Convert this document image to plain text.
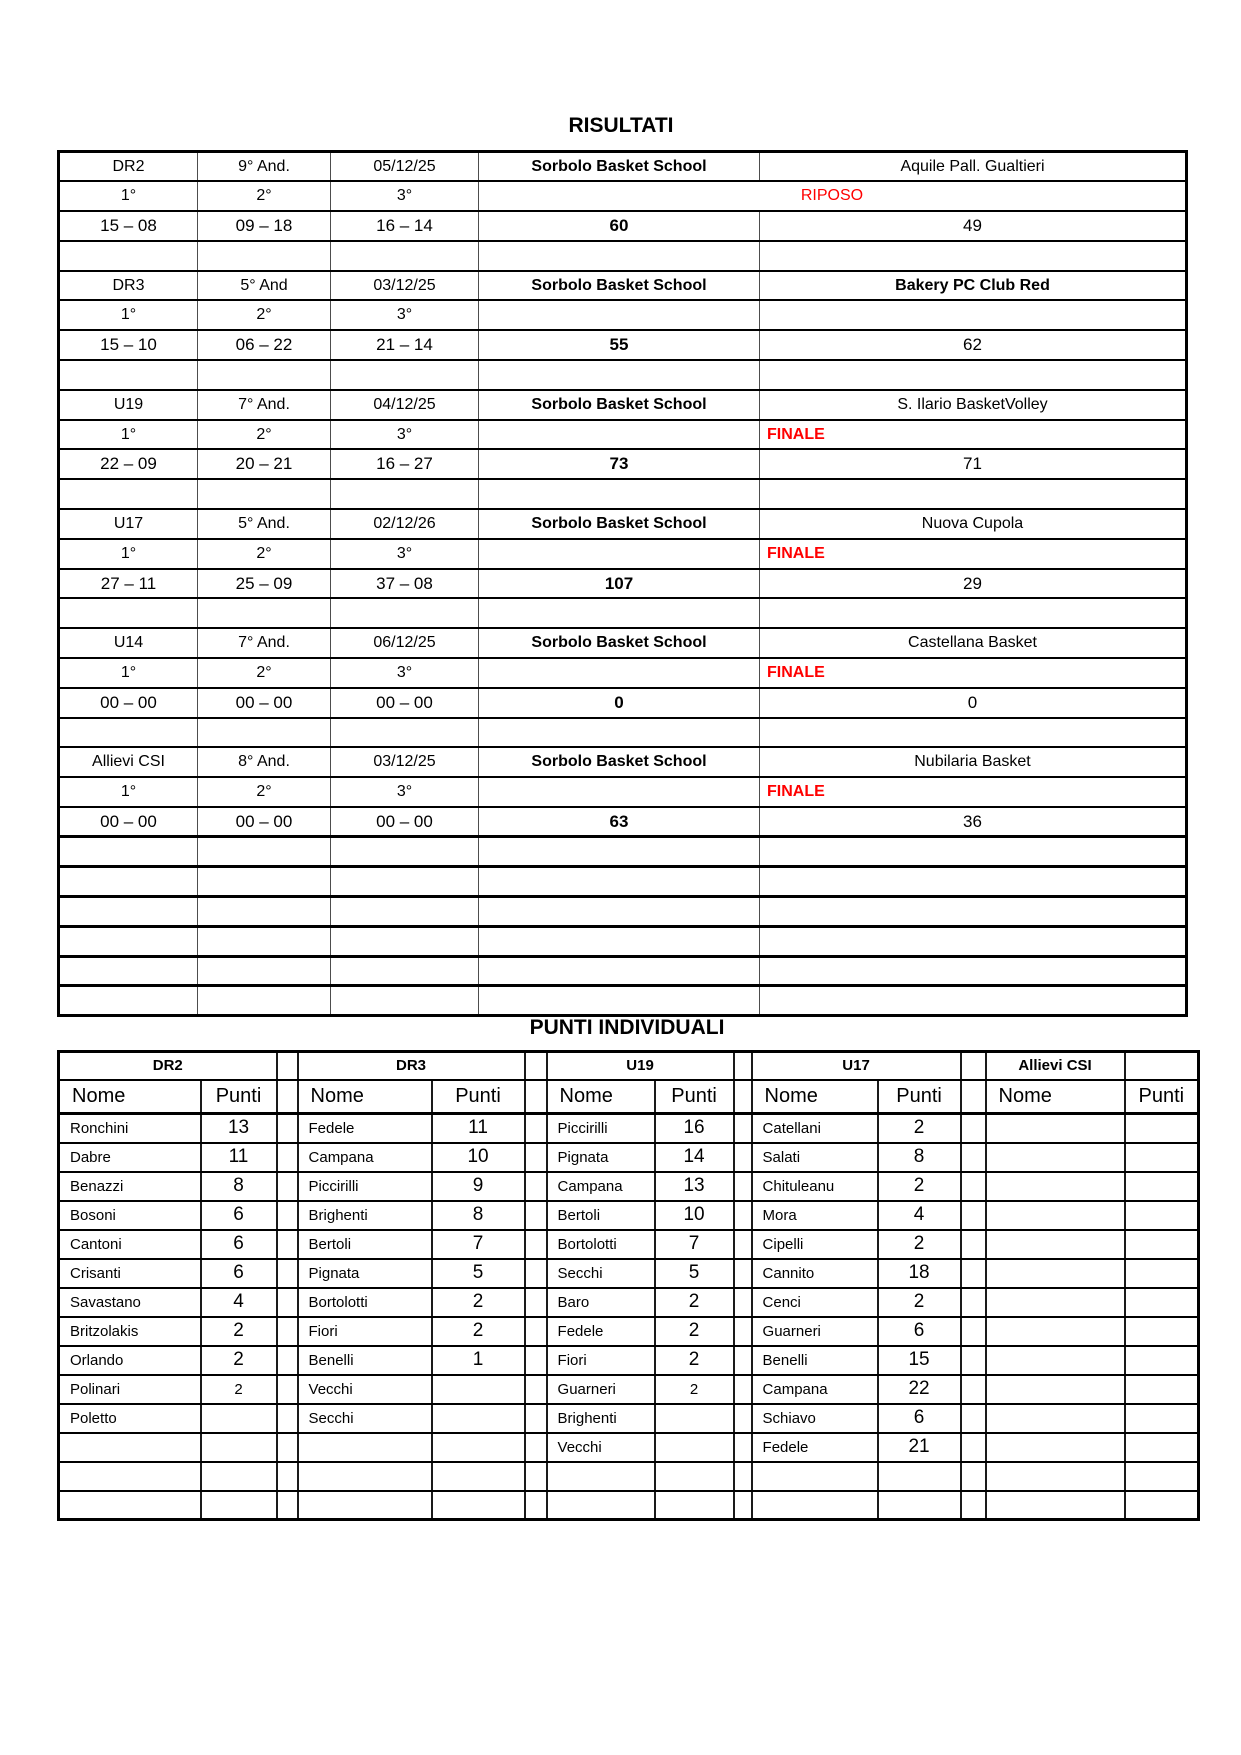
RISULTATI
DR2	9° And.	05/12/25	Sorbolo Basket School	Aquile Pall. Gualtieri
1°	2°	3°	RIPOSO	
15 – 08	09 – 18	16 – 14	60	49

DR3	5° And	03/12/25	Sorbolo Basket School	Bakery PC Club Red
1°	2°	3°		
15 – 10	06 – 22	21 – 14	55	62

U19	7° And.	04/12/25	Sorbolo Basket School	S. Ilario BasketVolley
1°	2°	3°		FINALE
22 – 09	20 – 21	16 – 27	73	71

U17	5° And.	02/12/26	Sorbolo Basket School	Nuova Cupola
1°	2°	3°		FINALE
27 – 11	25 – 09	37 – 08	107	29

U14	7° And.	06/12/25	Sorbolo Basket School	Castellana Basket
1°	2°	3°		FINALE
00 – 00	00 – 00	00 – 00	0	0

Allievi CSI	8° And.	03/12/25	Sorbolo Basket School	Nubilaria Basket
1°	2°	3°		FINALE
00 – 00	00 – 00	00 – 00	63	36

PUNTI INDIVIDUALI
DR2			DR3			U19			U17			Allievi CSI	
Nome	Punti		Nome	Punti		Nome	Punti		Nome	Punti		Nome	Punti
Ronchini	13		Fedele	11		Piccirilli	16		Catellani	2			
Dabre	11		Campana	10		Pignata	14		Salati	8			
Benazzi	8		Piccirilli	9		Campana	13		Chituleanu	2			
Bosoni	6		Brighenti	8		Bertoli	10		Mora	4			
Cantoni	6		Bertoli	7		Bortolotti	7		Cipelli	2			
Crisanti	6		Pignata	5		Secchi	5		Cannito	18			
Savastano	4		Bortolotti	2		Baro	2		Cenci	2			
Britzolakis	2		Fiori	2		Fedele	2		Guarneri	6			
Orlando	2		Benelli	1		Fiori	2		Benelli	15			
Polinari	2		Vecchi			Guarneri	2		Campana	22			
Poletto			Secchi			Brighenti			Schiavo	6			
						Vecchi			Fedele	21			
